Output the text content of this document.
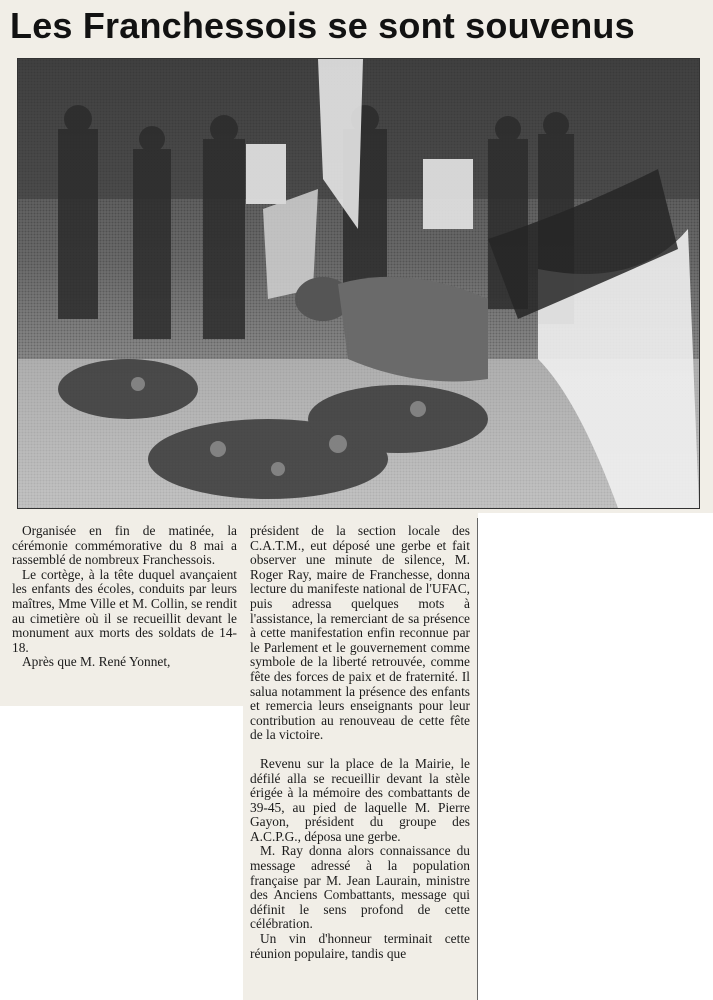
Les Franchessois se sont souvenus

Organisée en fin de matinée, la cérémonie commémorative du 8 mai a rassemblé de nombreux Franchessois.

Le cortège, à la tête duquel avançaient les enfants des écoles, conduits par leurs maîtres, Mme Ville et M. Collin, se rendit au cimetière où il se recueillit devant le monument aux morts des soldats de 14-18.

Après que M. René Yonnet,

président de la section locale des C.A.T.M., eut déposé une gerbe et fait observer une minute de silence, M. Roger Ray, maire de Franchesse, donna lecture du manifeste national de l'UFAC, puis adressa quelques mots à l'assistance, la remerciant de sa présence à cette manifestation enfin reconnue par le Parlement et le gouvernement comme symbole de la liberté retrouvée, comme fête des forces de paix et de fraternité. Il salua notamment la présence des enfants et remercia leurs enseignants pour leur contribution au renouveau de cette fête de la victoire.

Revenu sur la place de la Mairie, le défilé alla se recueillir devant la stèle érigée à la mémoire des combattants de 39-45, au pied de laquelle M. Pierre Gayon, président du groupe des A.C.P.G., déposa une gerbe.

M. Ray donna alors connaissance du message adressé à la population française par M. Jean Laurain, ministre des Anciens Combattants, message qui définit le sens profond de cette célébration.

Un vin d'honneur terminait cette réunion populaire, tandis que
